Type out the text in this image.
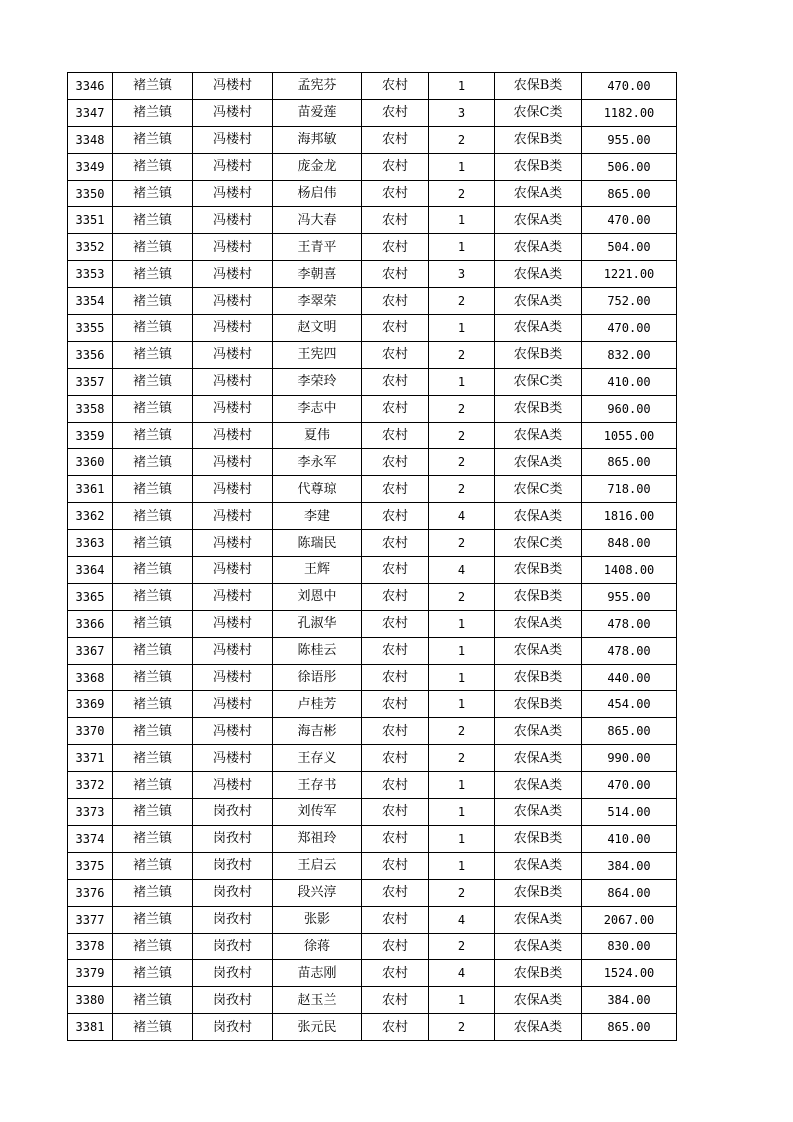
3346	褚兰镇	冯楼村	孟宪芬	农村	1	农保B类	470.00
3347	褚兰镇	冯楼村	苗爱莲	农村	3	农保C类	1182.00
3348	褚兰镇	冯楼村	海邦敏	农村	2	农保B类	955.00
3349	褚兰镇	冯楼村	庞金龙	农村	1	农保B类	506.00
3350	褚兰镇	冯楼村	杨启伟	农村	2	农保A类	865.00
3351	褚兰镇	冯楼村	冯大春	农村	1	农保A类	470.00
3352	褚兰镇	冯楼村	王青平	农村	1	农保A类	504.00
3353	褚兰镇	冯楼村	李朝喜	农村	3	农保A类	1221.00
3354	褚兰镇	冯楼村	李翠荣	农村	2	农保A类	752.00
3355	褚兰镇	冯楼村	赵文明	农村	1	农保A类	470.00
3356	褚兰镇	冯楼村	王宪四	农村	2	农保B类	832.00
3357	褚兰镇	冯楼村	李荣玲	农村	1	农保C类	410.00
3358	褚兰镇	冯楼村	李志中	农村	2	农保B类	960.00
3359	褚兰镇	冯楼村	夏伟	农村	2	农保A类	1055.00
3360	褚兰镇	冯楼村	李永军	农村	2	农保A类	865.00
3361	褚兰镇	冯楼村	代尊琼	农村	2	农保C类	718.00
3362	褚兰镇	冯楼村	李建	农村	4	农保A类	1816.00
3363	褚兰镇	冯楼村	陈瑞民	农村	2	农保C类	848.00
3364	褚兰镇	冯楼村	王辉	农村	4	农保B类	1408.00
3365	褚兰镇	冯楼村	刘恩中	农村	2	农保B类	955.00
3366	褚兰镇	冯楼村	孔淑华	农村	1	农保A类	478.00
3367	褚兰镇	冯楼村	陈桂云	农村	1	农保A类	478.00
3368	褚兰镇	冯楼村	徐语彤	农村	1	农保B类	440.00
3369	褚兰镇	冯楼村	卢桂芳	农村	1	农保B类	454.00
3370	褚兰镇	冯楼村	海吉彬	农村	2	农保A类	865.00
3371	褚兰镇	冯楼村	王存义	农村	2	农保A类	990.00
3372	褚兰镇	冯楼村	王存书	农村	1	农保A类	470.00
3373	褚兰镇	岗孜村	刘传军	农村	1	农保A类	514.00
3374	褚兰镇	岗孜村	郑祖玲	农村	1	农保B类	410.00
3375	褚兰镇	岗孜村	王启云	农村	1	农保A类	384.00
3376	褚兰镇	岗孜村	段兴淳	农村	2	农保B类	864.00
3377	褚兰镇	岗孜村	张影	农村	4	农保A类	2067.00
3378	褚兰镇	岗孜村	徐蒋	农村	2	农保A类	830.00
3379	褚兰镇	岗孜村	苗志刚	农村	4	农保B类	1524.00
3380	褚兰镇	岗孜村	赵玉兰	农村	1	农保A类	384.00
3381	褚兰镇	岗孜村	张元民	农村	2	农保A类	865.00
